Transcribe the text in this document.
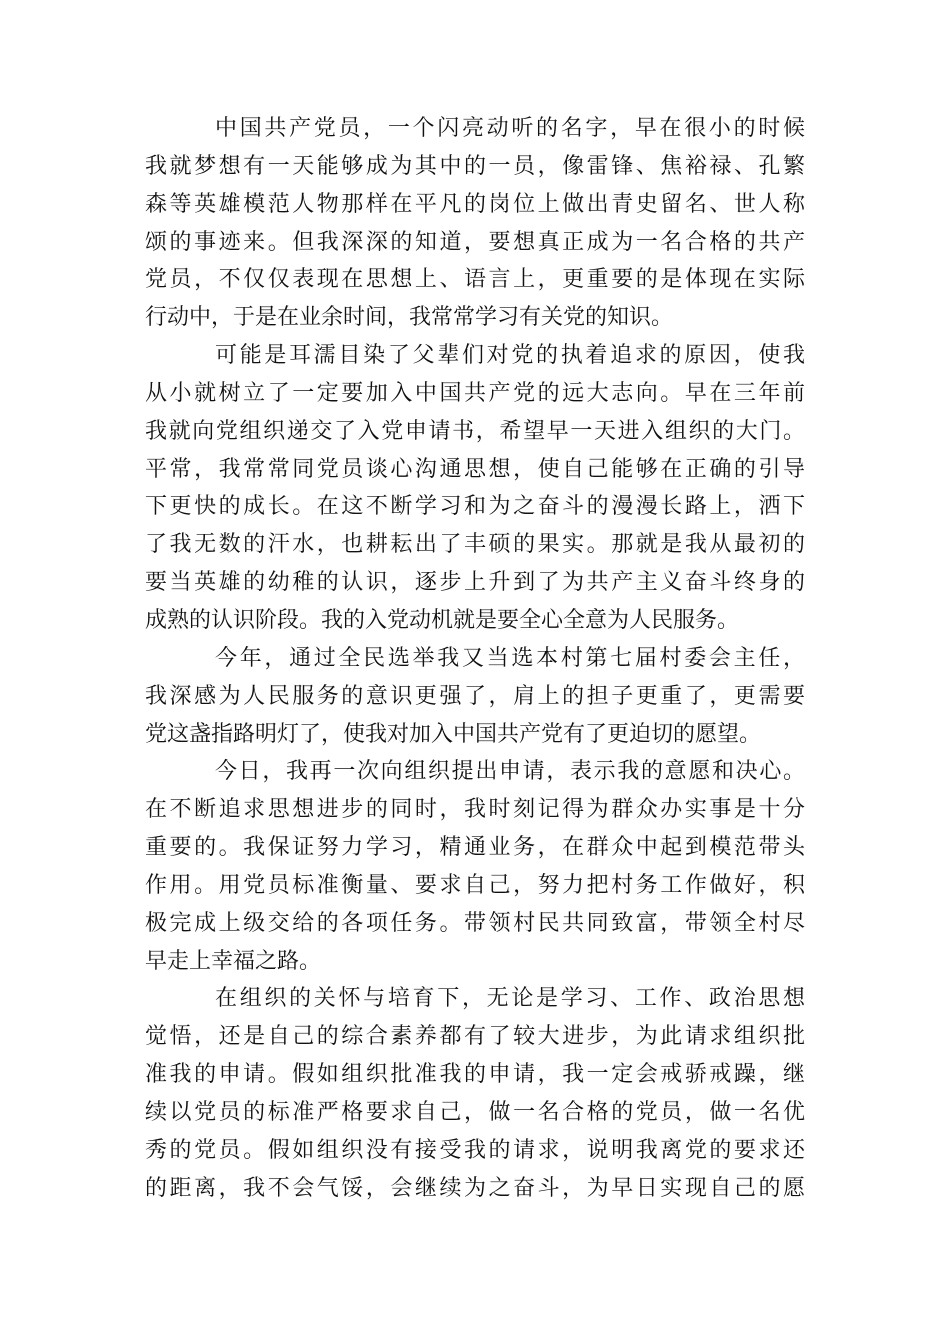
中国共产党员，一个闪亮动听的名字，早在很小的时候
我就梦想有一天能够成为其中的一员，像雷锋、焦裕禄、孔繁
森等英雄模范人物那样在平凡的岗位上做出青史留名、世人称
颂的事迹来。但我深深的知道，要想真正成为一名合格的共产
党员，不仅仅表现在思想上、语言上，更重要的是体现在实际
行动中，于是在业余时间，我常常学习有关党的知识。
可能是耳濡目染了父辈们对党的执着追求的原因，使我
从小就树立了一定要加入中国共产党的远大志向。早在三年前
我就向党组织递交了入党申请书，希望早一天进入组织的大门。
平常，我常常同党员谈心沟通思想，使自己能够在正确的引导
下更快的成长。在这不断学习和为之奋斗的漫漫长路上，洒下
了我无数的汗水，也耕耘出了丰硕的果实。那就是我从最初的
要当英雄的幼稚的认识，逐步上升到了为共产主义奋斗终身的
成熟的认识阶段。我的入党动机就是要全心全意为人民服务。
今年，通过全民选举我又当选本村第七届村委会主任，
我深感为人民服务的意识更强了，肩上的担子更重了，更需要
党这盏指路明灯了，使我对加入中国共产党有了更迫切的愿望。
今日，我再一次向组织提出申请，表示我的意愿和决心。
在不断追求思想进步的同时，我时刻记得为群众办实事是十分
重要的。我保证努力学习，精通业务，在群众中起到模范带头
作用。用党员标准衡量、要求自己，努力把村务工作做好，积
极完成上级交给的各项任务。带领村民共同致富，带领全村尽
早走上幸福之路。
在组织的关怀与培育下，无论是学习、工作、政治思想
觉悟，还是自己的综合素养都有了较大进步，为此请求组织批
准我的申请。假如组织批准我的申请，我一定会戒骄戒躁，继
续以党员的标准严格要求自己，做一名合格的党员，做一名优
秀的党员。假如组织没有接受我的请求，说明我离党的要求还
的距离，我不会气馁，会继续为之奋斗，为早日实现自己的愿
